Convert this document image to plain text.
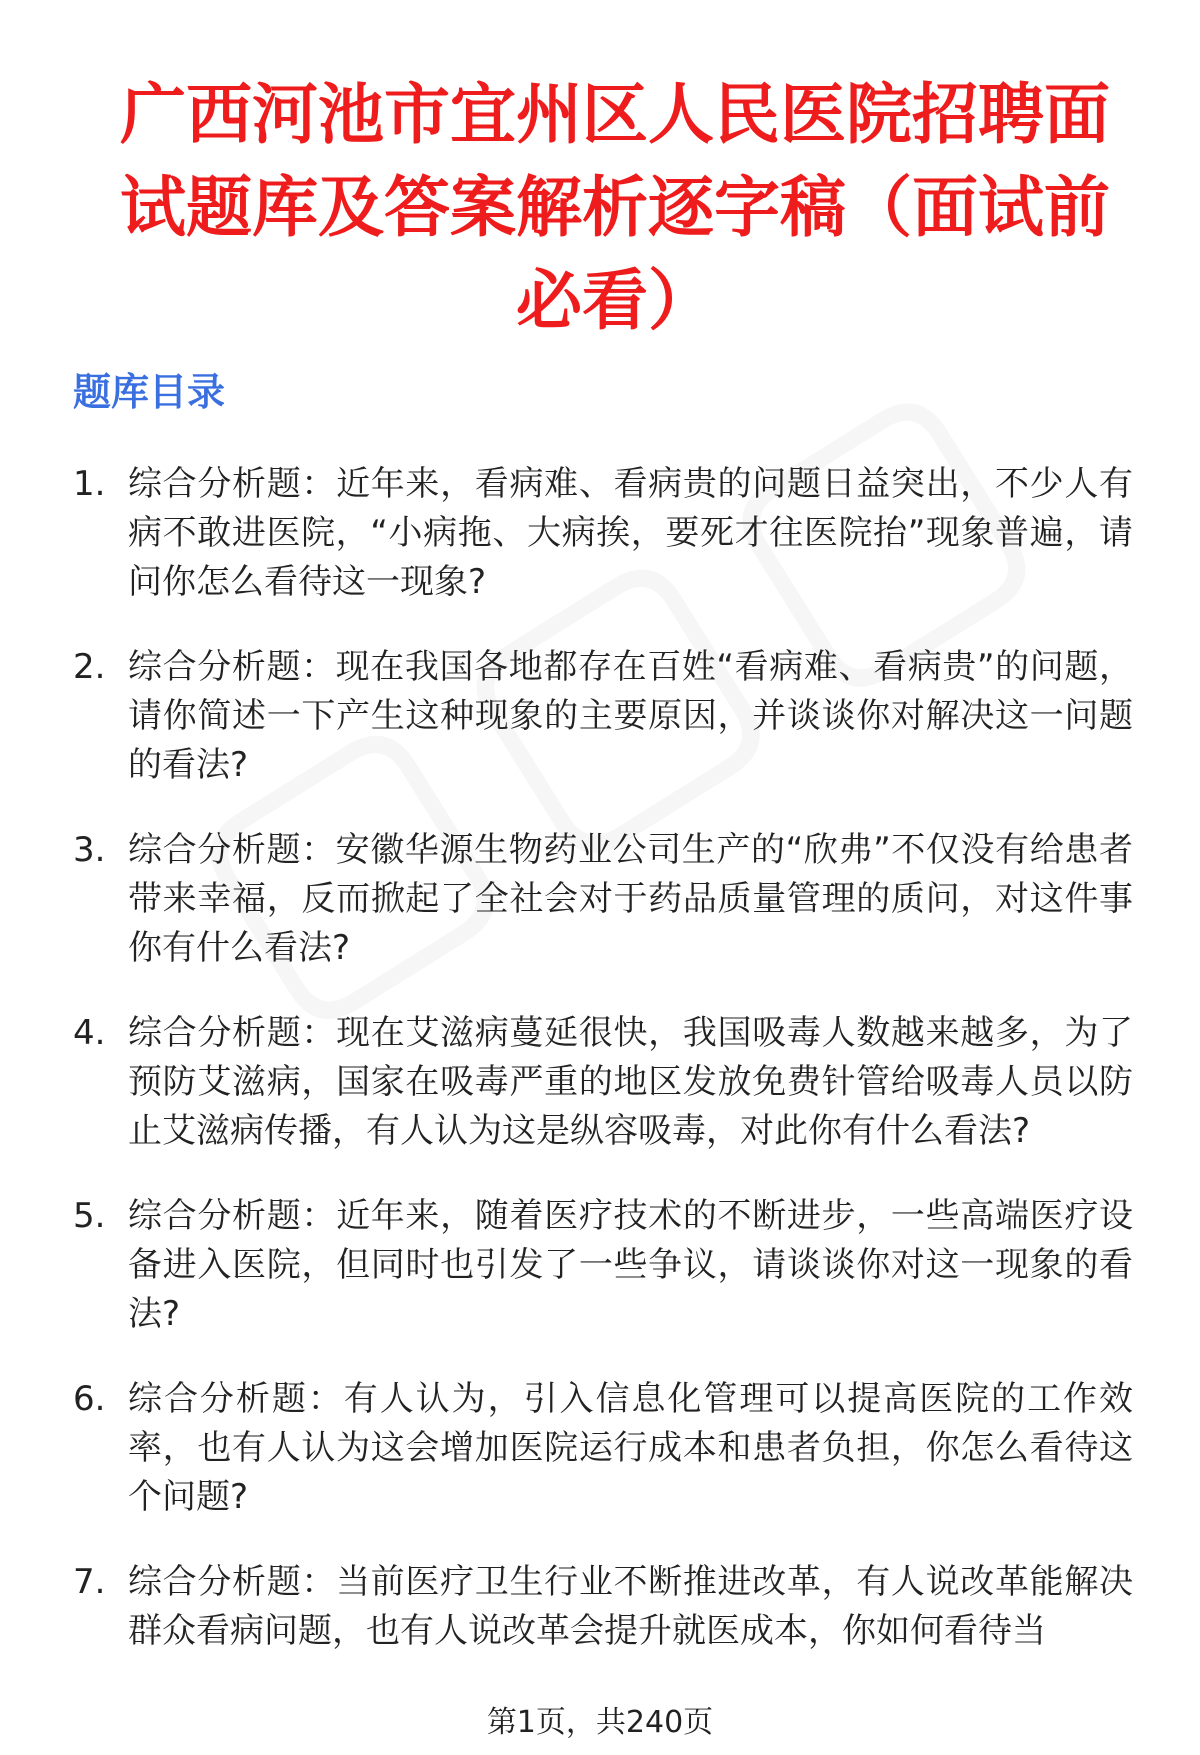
广西河池市宜州区人民医院招聘面试题库及答案解析逐字稿（面试前必看）
题库目录
1. 综合分析题：近年来，看病难、看病贵的问题日益突出，不少人有病不敢进医院，“小病拖、大病挨，要死才往医院抬”现象普遍，请问你怎么看待这一现象?
2. 综合分析题：现在我国各地都存在百姓“看病难、看病贵”的问题，请你简述一下产生这种现象的主要原因，并谈谈你对解决这一问题的看法?
3. 综合分析题：安徽华源生物药业公司生产的“欣弗”不仅没有给患者带来幸福，反而掀起了全社会对于药品质量管理的质问，对这件事你有什么看法?
4. 综合分析题：现在艾滋病蔓延很快，我国吸毒人数越来越多，为了预防艾滋病，国家在吸毒严重的地区发放免费针管给吸毒人员以防止艾滋病传播，有人认为这是纵容吸毒，对此你有什么看法?
5. 综合分析题：近年来，随着医疗技术的不断进步，一些高端医疗设备进入医院，但同时也引发了一些争议，请谈谈你对这一现象的看法?
6. 综合分析题：有人认为，引入信息化管理可以提高医院的工作效率，也有人认为这会增加医院运行成本和患者负担，你怎么看待这个问题?
7. 综合分析题：当前医疗卫生行业不断推进改革，有人说改革能解决群众看病问题，也有人说改革会提升就医成本，你如何看待当
第1页，共240页
